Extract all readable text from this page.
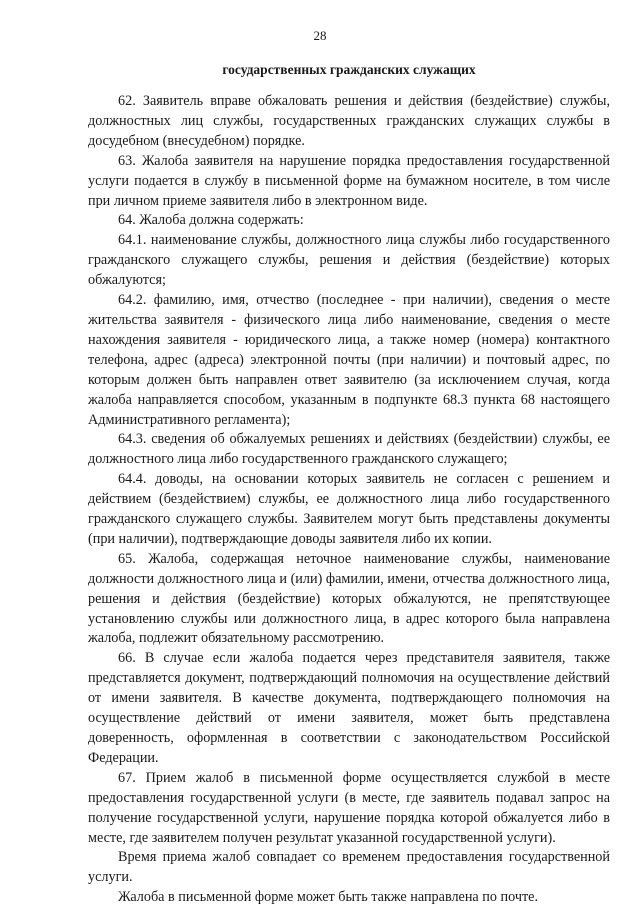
28
государственных гражданских служащих

62. Заявитель вправе обжаловать решения и действия (бездействие) службы, должностных лиц службы, государственных гражданских служащих службы в досудебном (внесудебном) порядке.

63. Жалоба заявителя на нарушение порядка предоставления государственной услуги подается в службу в письменной форме на бумажном носителе, в том числе при личном приеме заявителя либо в электронном виде.

64. Жалоба должна содержать:

64.1. наименование службы, должностного лица службы либо государственного гражданского служащего службы, решения и действия (бездействие) которых обжалуются;

64.2. фамилию, имя, отчество (последнее - при наличии), сведения о месте жительства заявителя - физического лица либо наименование, сведения о месте нахождения заявителя - юридического лица, а также номер (номера) контактного телефона, адрес (адреса) электронной почты (при наличии) и почтовый адрес, по которым должен быть направлен ответ заявителю (за исключением случая, когда жалоба направляется способом, указанным в подпункте 68.3 пункта 68 настоящего Административного регламента);

64.3. сведения об обжалуемых решениях и действиях (бездействии) службы, ее должностного лица либо государственного гражданского служащего;

64.4. доводы, на основании которых заявитель не согласен с решением и действием (бездействием) службы, ее должностного лица либо государственного гражданского служащего службы. Заявителем могут быть представлены документы (при наличии), подтверждающие доводы заявителя либо их копии.

65. Жалоба, содержащая неточное наименование службы, наименование должности должностного лица и (или) фамилии, имени, отчества должностного лица, решения и действия (бездействие) которых обжалуются, не препятствующее установлению службы или должностного лица, в адрес которого была направлена жалоба, подлежит обязательному рассмотрению.

66. В случае если жалоба подается через представителя заявителя, также представляется документ, подтверждающий полномочия на осуществление действий от имени заявителя. В качестве документа, подтверждающего полномочия на осуществление действий от имени заявителя, может быть представлена доверенность, оформленная в соответствии с законодательством Российской Федерации.

67. Прием жалоб в письменной форме осуществляется службой в месте предоставления государственной услуги (в месте, где заявитель подавал запрос на получение государственной услуги, нарушение порядка которой обжалуется либо в месте, где заявителем получен результат указанной государственной услуги).

Время приема жалоб совпадает со временем предоставления государственной услуги.

Жалоба в письменной форме может быть также направлена по почте.
